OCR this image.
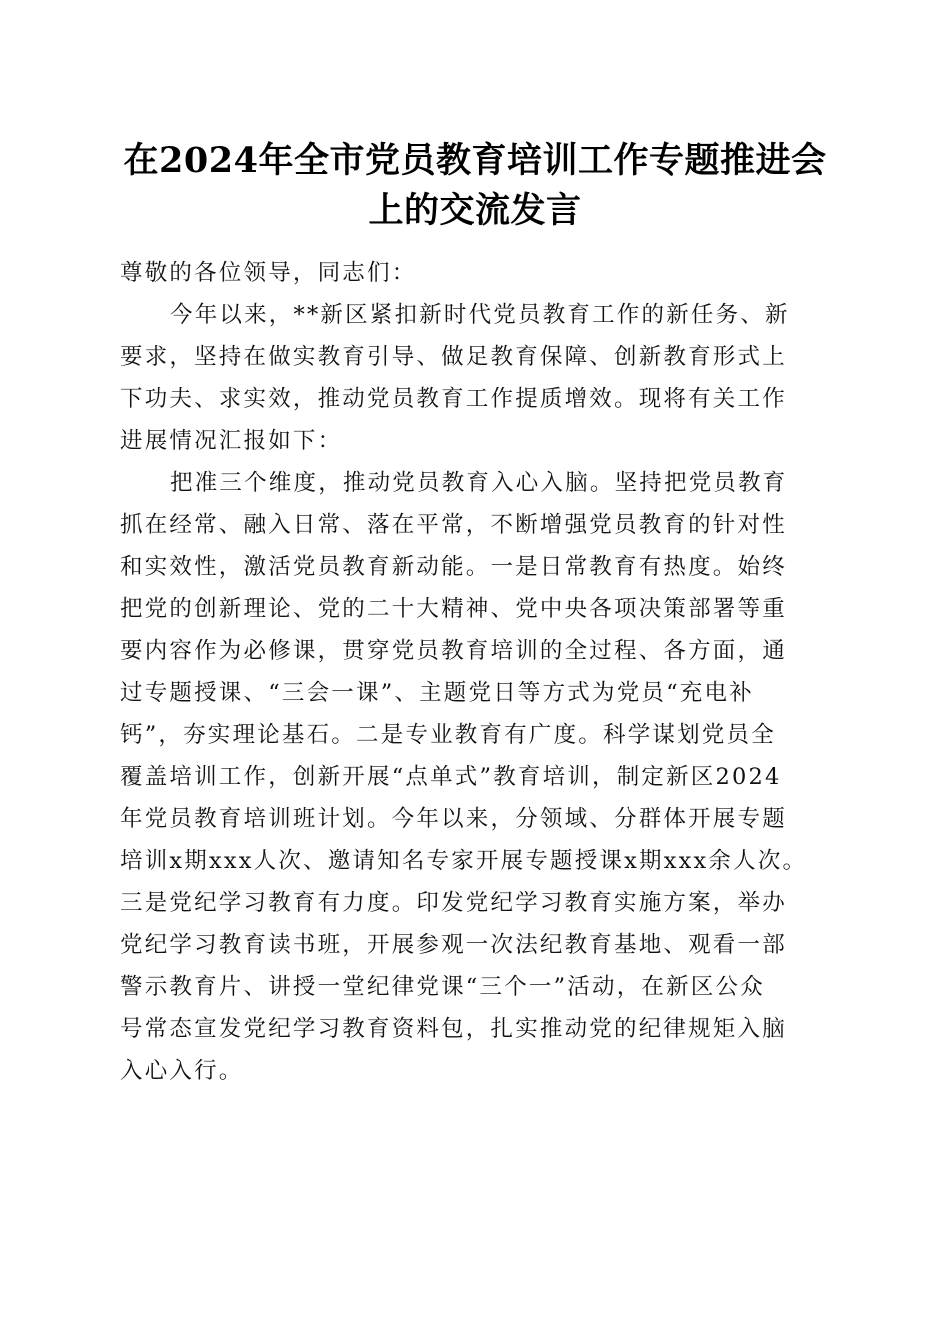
在2024年全市党员教育培训工作专题推进会
上的交流发言
尊敬的各位领导，同志们：
今年以来，**新区紧扣新时代党员教育工作的新任务、新
要求，坚持在做实教育引导、做足教育保障、创新教育形式上
下功夫、求实效，推动党员教育工作提质增效。现将有关工作
进展情况汇报如下：
把准三个维度，推动党员教育入心入脑。坚持把党员教育
抓在经常、融入日常、落在平常，不断增强党员教育的针对性
和实效性，激活党员教育新动能。一是日常教育有热度。始终
把党的创新理论、党的二十大精神、党中央各项决策部署等重
要内容作为必修课，贯穿党员教育培训的全过程、各方面，通
过专题授课、“三会一课”、主题党日等方式为党员“充电补
钙”，夯实理论基石。二是专业教育有广度。科学谋划党员全
覆盖培训工作，创新开展“点单式”教育培训，制定新区2024
年党员教育培训班计划。今年以来，分领域、分群体开展专题
培训x期xxx人次、邀请知名专家开展专题授课x期xxx余人次。
三是党纪学习教育有力度。印发党纪学习教育实施方案，举办
党纪学习教育读书班，开展参观一次法纪教育基地、观看一部
警示教育片、讲授一堂纪律党课“三个一”活动，在新区公众
号常态宣发党纪学习教育资料包，扎实推动党的纪律规矩入脑
入心入行。
